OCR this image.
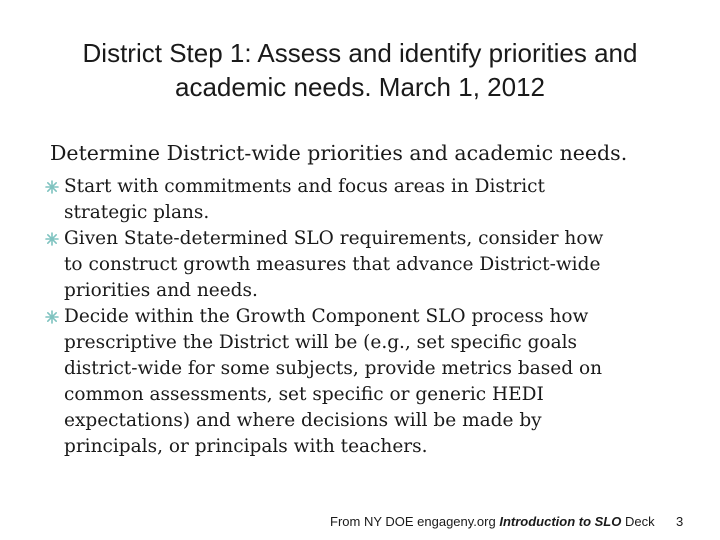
District Step 1: Assess and identify priorities and
academic needs. March 1, 2012
Determine District-wide priorities and academic needs.
Start with commitments and focus areas in District
strategic plans.
Given State-determined SLO requirements, consider how
to construct growth measures that advance District-wide
priorities and needs.
Decide within the Growth Component SLO process how
prescriptive the District will be (e.g., set specific goals
district-wide for some subjects, provide metrics based on
common assessments, set specific or generic HEDI
expectations) and where decisions will be made by
principals, or principals with teachers.
From NY DOE engageny.org Introduction to SLO Deck 3
